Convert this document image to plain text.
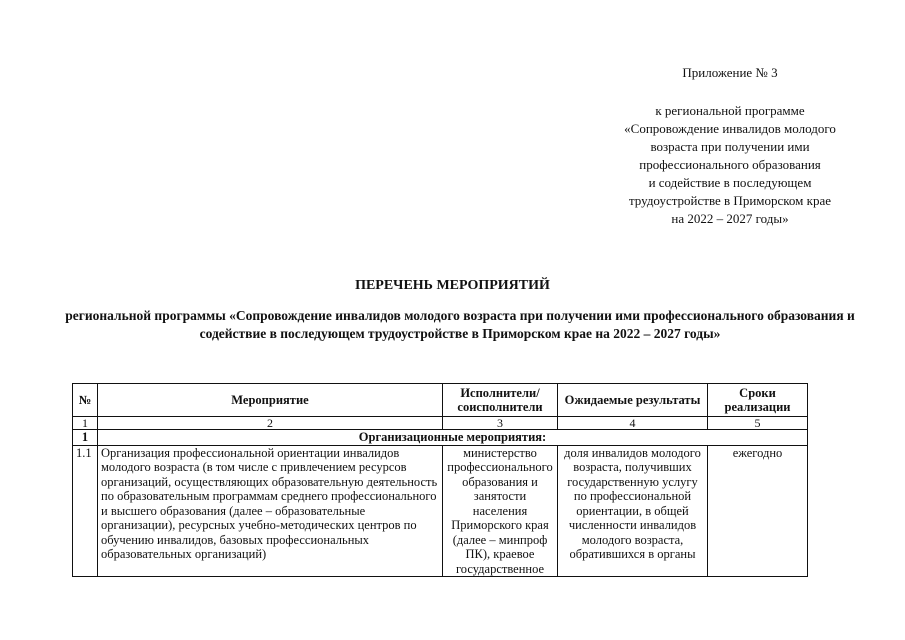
Приложение № 3
к региональной программе
«Сопровождение инвалидов молодого
возраста при получении ими
профессионального образования
и содействие в последующем
трудоустройстве в Приморском крае
на 2022 – 2027 годы»
ПЕРЕЧЕНЬ МЕРОПРИЯТИЙ
региональной программы «Сопровождение инвалидов молодого возраста при получении ими профессионального образования и содействие в последующем трудоустройстве в Приморском крае на 2022 – 2027 годы»
№	Мероприятие	Исполнители/ соисполнители	Ожидаемые результаты	Сроки реализации
1	2	3	4	5
1	Организационные мероприятия:			
1.1	Организация профессиональной ориентации инвалидов молодого возраста (в том числе с привлечением ресурсов организаций, осуществляющих образовательную деятельность по образовательным программам среднего профессионального и высшего образования (далее – образовательные организации), ресурсных учебно-методических центров по обучению инвалидов, базовых профессиональных образовательных организаций)	министерство профессионального образования и занятости населения Приморского края (далее – минпроф ПК), краевое государственное	доля инвалидов молодого возраста, получивших государственную услугу по профессиональной ориентации, в общей численности инвалидов молодого возраста, обратившихся в органы	ежегодно
